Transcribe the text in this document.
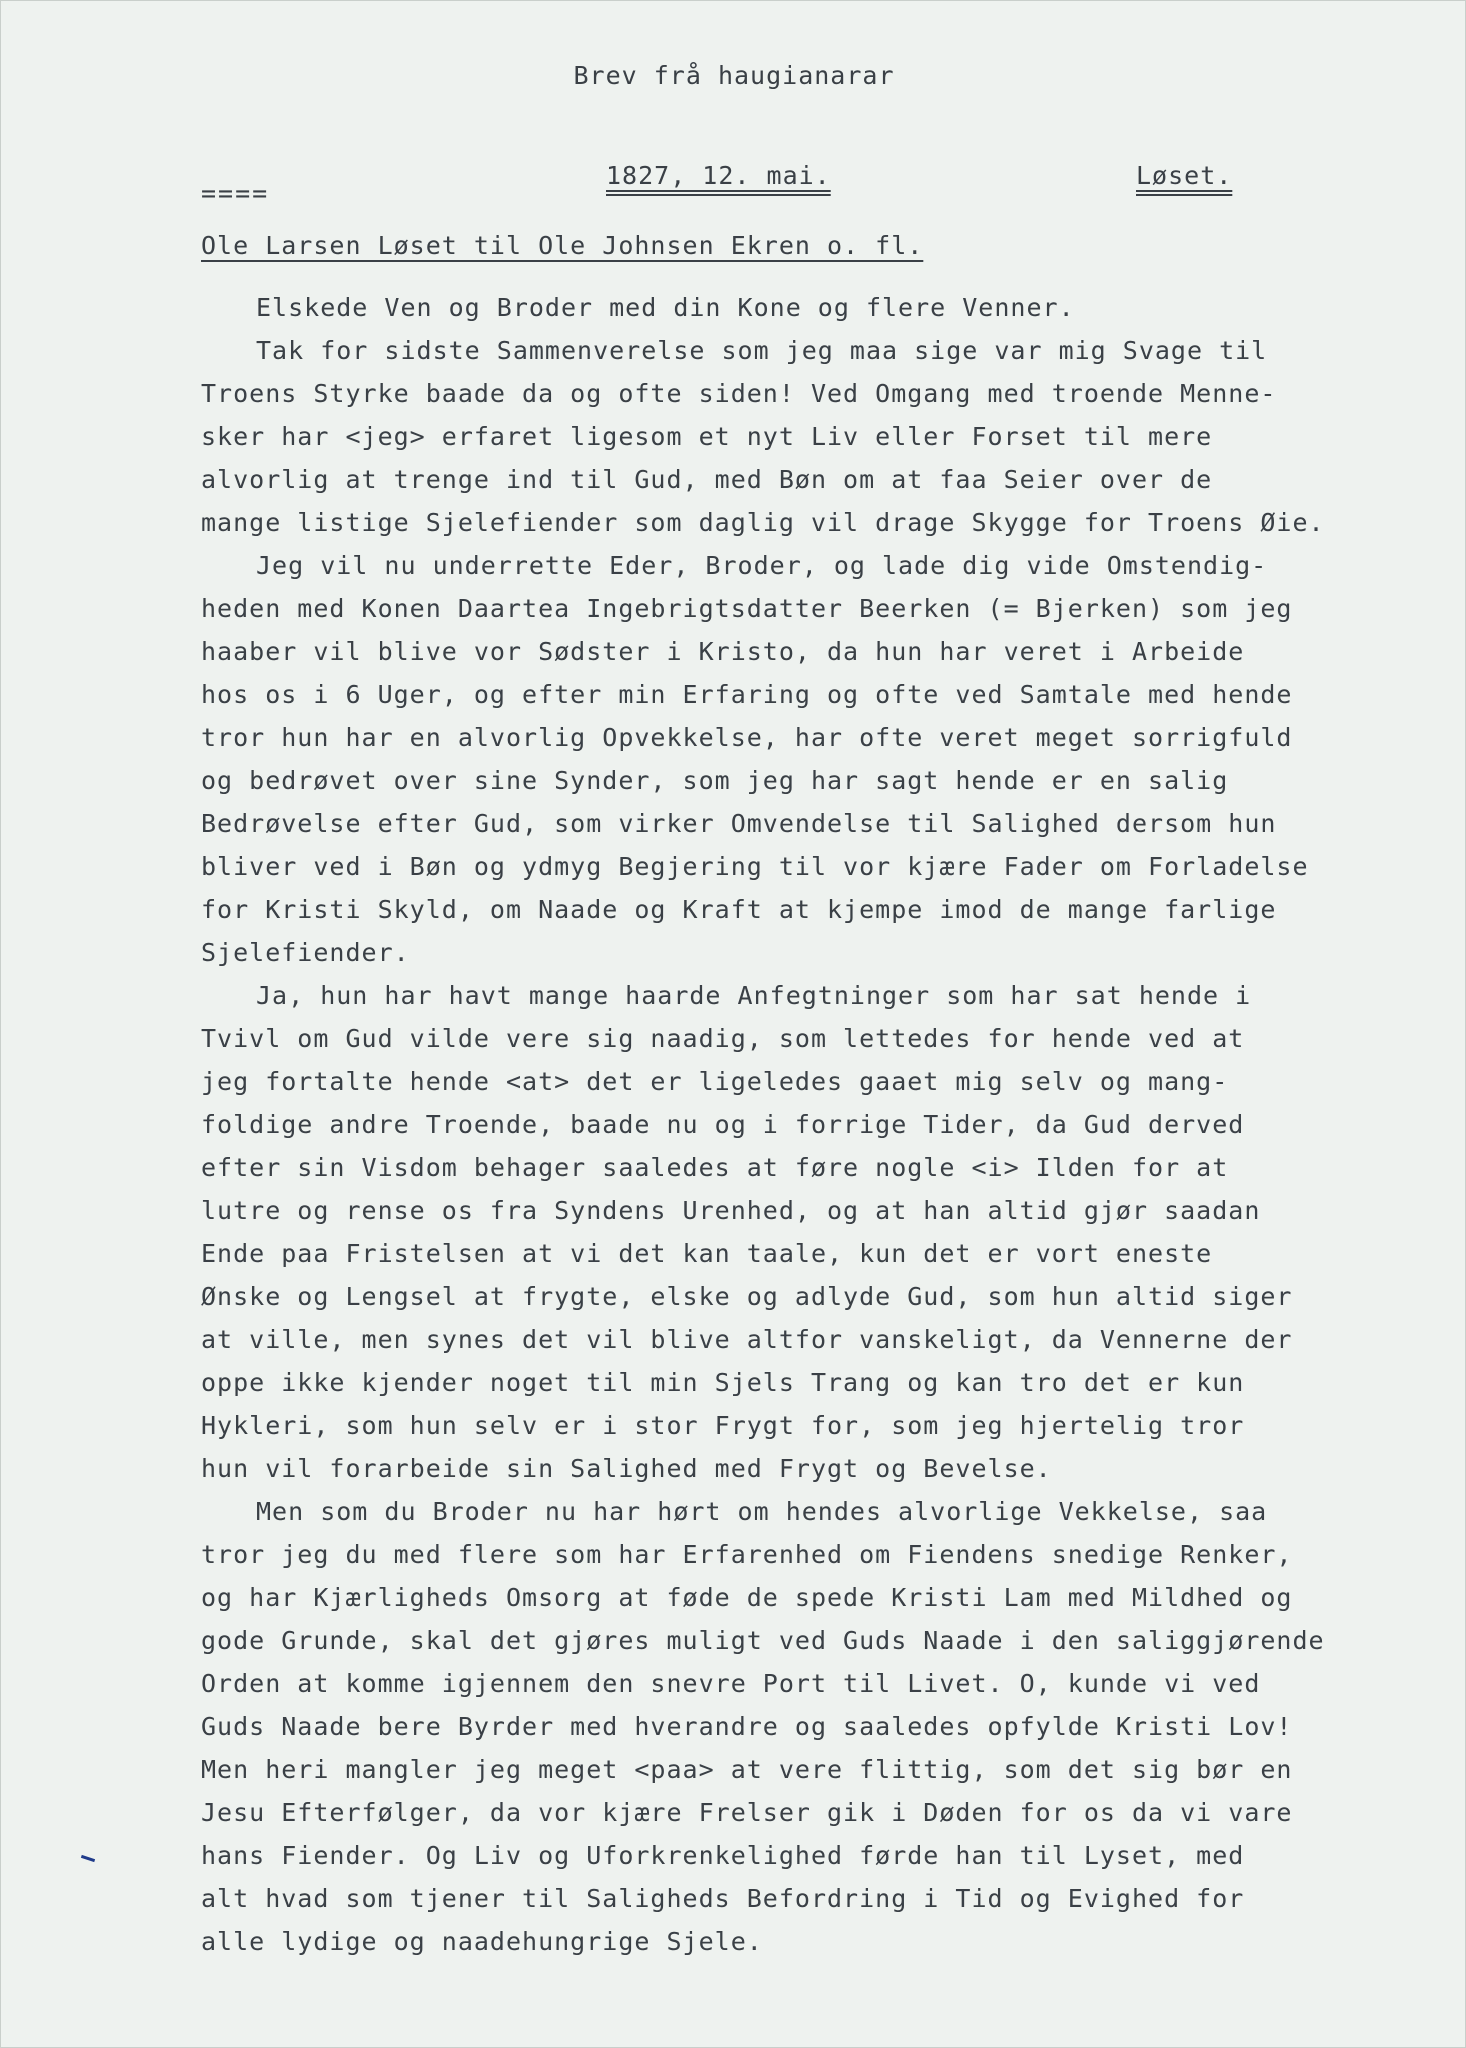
Brev frå haugianarar
====
1827, 12. mai.	Løset.
Ole Larsen Løset til Ole Johnsen Ekren o. fl.
Elskede Ven og Broder med din Kone og flere Venner.
Tak for sidste Sammenverelse som jeg maa sige var mig Svage til
Troens Styrke baade da og ofte siden! Ved Omgang med troende Menne-
sker har <jeg> erfaret ligesom et nyt Liv eller Forset til mere
alvorlig at trenge ind til Gud, med Bøn om at faa Seier over de
mange listige Sjelefiender som daglig vil drage Skygge for Troens Øie.
Jeg vil nu underrette Eder, Broder, og lade dig vide Omstendig-
heden med Konen Daartea Ingebrigtsdatter Beerken (= Bjerken) som jeg
haaber vil blive vor Sødster i Kristo, da hun har veret i Arbeide
hos os i 6 Uger, og efter min Erfaring og ofte ved Samtale med hende
tror hun har en alvorlig Opvekkelse, har ofte veret meget sorrigfuld
og bedrøvet over sine Synder, som jeg har sagt hende er en salig
Bedrøvelse efter Gud, som virker Omvendelse til Salighed dersom hun
bliver ved i Bøn og ydmyg Begjering til vor kjære Fader om Forladelse
for Kristi Skyld, om Naade og Kraft at kjempe imod de mange farlige
Sjelefiender.
Ja, hun har havt mange haarde Anfegtninger som har sat hende i
Tvivl om Gud vilde vere sig naadig, som lettedes for hende ved at
jeg fortalte hende <at> det er ligeledes gaaet mig selv og mang-
foldige andre Troende, baade nu og i forrige Tider, da Gud derved
efter sin Visdom behager saaledes at føre nogle <i> Ilden for at
lutre og rense os fra Syndens Urenhed, og at han altid gjør saadan
Ende paa Fristelsen at vi det kan taale, kun det er vort eneste
Ønske og Lengsel at frygte, elske og adlyde Gud, som hun altid siger
at ville, men synes det vil blive altfor vanskeligt, da Vennerne der
oppe ikke kjender noget til min Sjels Trang og kan tro det er kun
Hykleri, som hun selv er i stor Frygt for, som jeg hjertelig tror
hun vil forarbeide sin Salighed med Frygt og Bevelse.
Men som du Broder nu har hørt om hendes alvorlige Vekkelse, saa
tror jeg du med flere som har Erfarenhed om Fiendens snedige Renker,
og har Kjærligheds Omsorg at føde de spede Kristi Lam med Mildhed og
gode Grunde, skal det gjøres muligt ved Guds Naade i den saliggjørende
Orden at komme igjennem den snevre Port til Livet. O, kunde vi ved
Guds Naade bere Byrder med hverandre og saaledes opfylde Kristi Lov!
Men heri mangler jeg meget <paa> at vere flittig, som det sig bør en
Jesu Efterfølger, da vor kjære Frelser gik i Døden for os da vi vare
hans Fiender. Og Liv og Uforkrenkelighed førde han til Lyset, med
alt hvad som tjener til Saligheds Befordring i Tid og Evighed for
alle lydige og naadehungrige Sjele.
